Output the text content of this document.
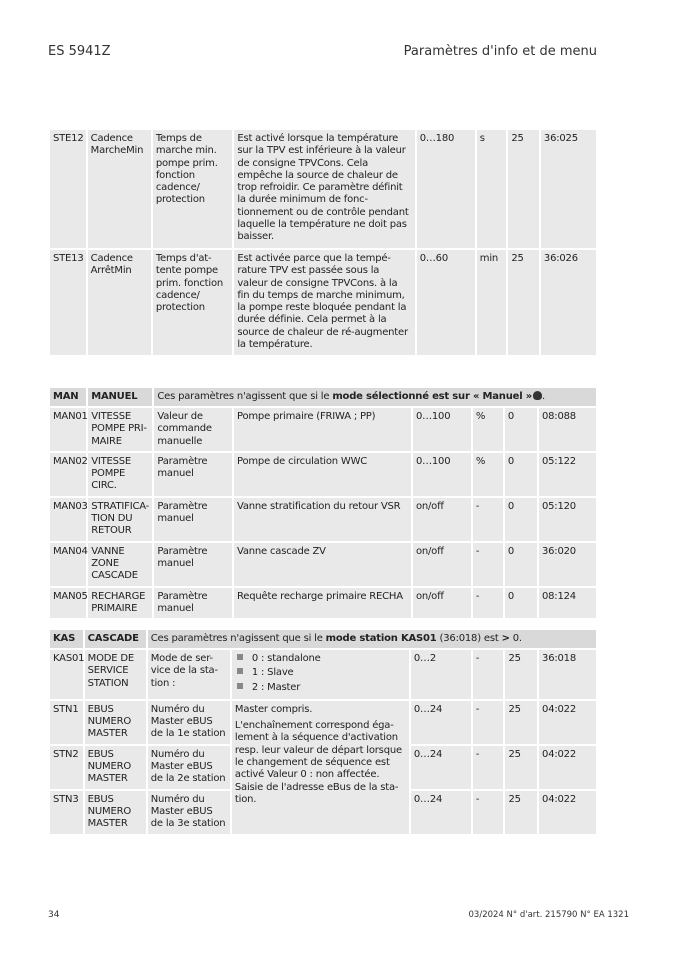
ES 5941Z	Paramètres d'info et de menu
STE12	Cadence MarcheMin	Temps de marche min. pompe prim. fonction cadence/ protection	Est activé lorsque la température sur la TPV est inférieure à la valeur de consigne TPVCons. Cela empêche la source de chaleur de trop refroidir. Ce paramètre définit la durée minimum de fonc-tionnement ou de contrôle pendant laquelle la température ne doit pas baisser.	0…180	s	25	36:025
STE13	Cadence ArrêtMin	Temps d'at-tente pompe prim. fonction cadence/ protection	Est activée parce que la tempé-rature TPV est passée sous la valeur de consigne TPVCons. à la fin du temps de marche minimum, la pompe reste bloquée pendant la durée définie. Cela permet à la source de chaleur de ré-augmenter la température.	0…60	min	25	36:026
MAN	MANUEL	Ces paramètres n'agissent que si le mode sélectionné est sur « Manuel » .					
MAN01	VITESSE POMPE PRI-MAIRE	Valeur de commande manuelle	Pompe primaire (FRIWA ; PP)	0…100	%	0	08:088
MAN02	VITESSE POMPE CIRC.	Paramètre manuel	Pompe de circulation WWC	0…100	%	0	05:122
MAN03	STRATIFICA-TION DU RETOUR	Paramètre manuel	Vanne stratification du retour VSR	on/off	-	0	05:120
MAN04	VANNE ZONE CASCADE	Paramètre manuel	Vanne cascade ZV	on/off	-	0	36:020
MAN05	RECHARGE PRIMAIRE	Paramètre manuel	Requête recharge primaire RECHA	on/off	-	0	08:124
KAS	CASCADE	Ces paramètres n'agissent que si le mode station KAS01 (36:018) est > 0.					
KAS01	MODE DE SERVICE STATION	Mode de ser-vice de la sta-tion :	0 : standalone
1 : Slave
2 : Master	0…2	-	25	36:018
STN1	EBUS NUMERO MASTER	Numéro du Master eBUS de la 1e station	Master compris.
L'enchaînement correspond éga-lement à la séquence d'activation resp. leur valeur de départ lorsque le changement de séquence est activé Valeur 0 : non affectée. Saisie de l'adresse eBus de la sta-tion.	0…24	-	25	04:022
STN2	EBUS NUMERO MASTER	Numéro du Master eBUS de la 2e station		0…24	-	25	04:022
STN3	EBUS NUMERO MASTER	Numéro du Master eBUS de la 3e station		0…24	-	25	04:022
34	03/2024 N° d'art. 215790 N° EA 1321
